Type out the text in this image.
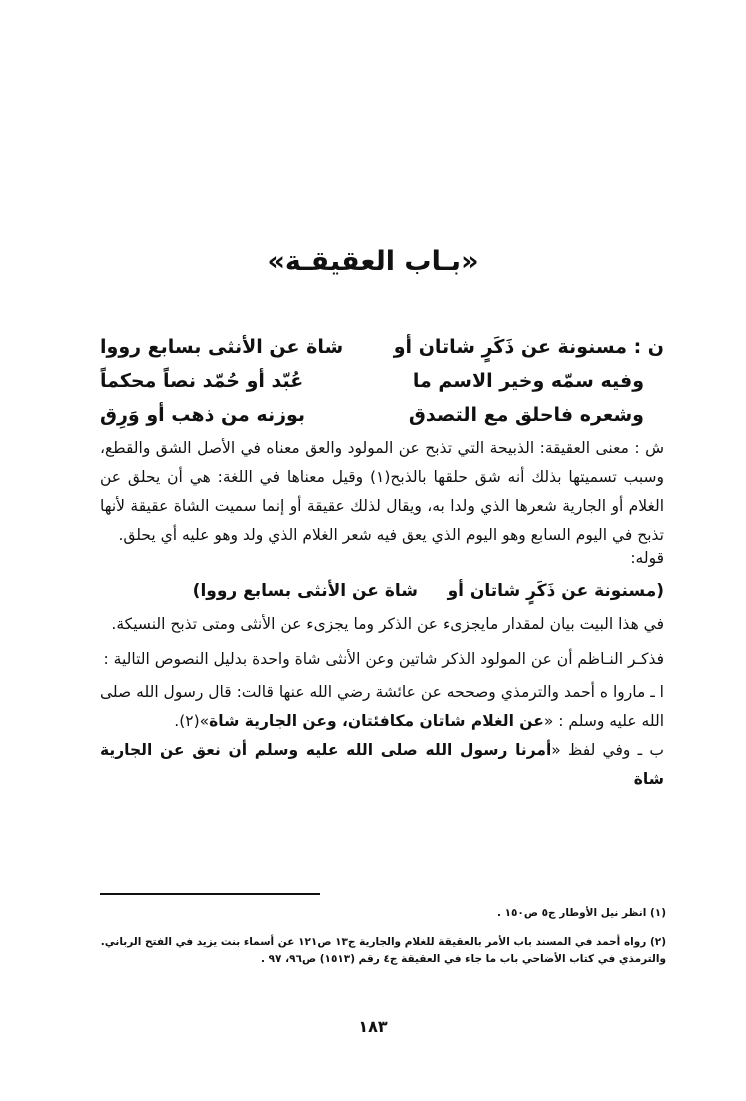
«بـاب العقيقـة»
ن : مسنونة عن ذَكَرٍ شاتان أو
شاة عن الأنثى بسابع رووا
وفيه سمّه وخير الاسم ما
عُبّد أو حُمّد نصاً محكماً
وشعره فاحلق مع التصدق
بوزنه من ذهب أو وَرِق

ش : معنى العقيقة: الذبيحة التي تذبح عن المولود والعق معناه في الأصل الشق والقطع، وسبب تسميتها بذلك أنه شق حلقها بالذبح(١) وقيل معناها في اللغة: هي أن يحلق عن الغلام أو الجارية شعرها الذي ولدا به، ويقال لذلك عقيقة أو إنما سميت الشاة عقيقة لأنها تذبح في اليوم السابع وهو اليوم الذي يعق فيه شعر الغلام الذي ولد وهو عليه أي يحلق.

قوله:

(مسنونة عن ذَكَرٍ شاتان أو     شاة عن الأنثى بسابع رووا)

في هذا البيت بيان لمقدار مايجزىء عن الذكر وما يجزىء عن الأنثى ومتى تذبح النسيكة.

فذكـر النـاظم أن عن المولود الذكر شاتين وعن الأنثى شاة واحدة بدليل النصوص التالية :

ا ـ ماروا ه أحمد والترمذي وصححه عن عائشة رضي الله عنها قالت: قال رسول الله صلى الله عليه وسلم : «عن الغلام شاتان مكافئتان، وعن الجارية شاة»(٢).

ب ـ وفي لفظ «أمرنا رسول الله صلى الله عليه وسلم أن نعق عن الجارية شاة

(١) انظر نيل الأوطار ج٥ ص١٥٠ .

(٢) رواه أحمد في المسند باب الأمر بالعقيقة للغلام والجارية ج١٣ ص١٢١ عن أسماء بنت يزيد في الفتح الرباني.

والترمذي في كتاب الأضاحي باب ما جاء في العقيقة ج٤ رقم (١٥١٣) ص٩٦، ٩٧ .

١٨٣
